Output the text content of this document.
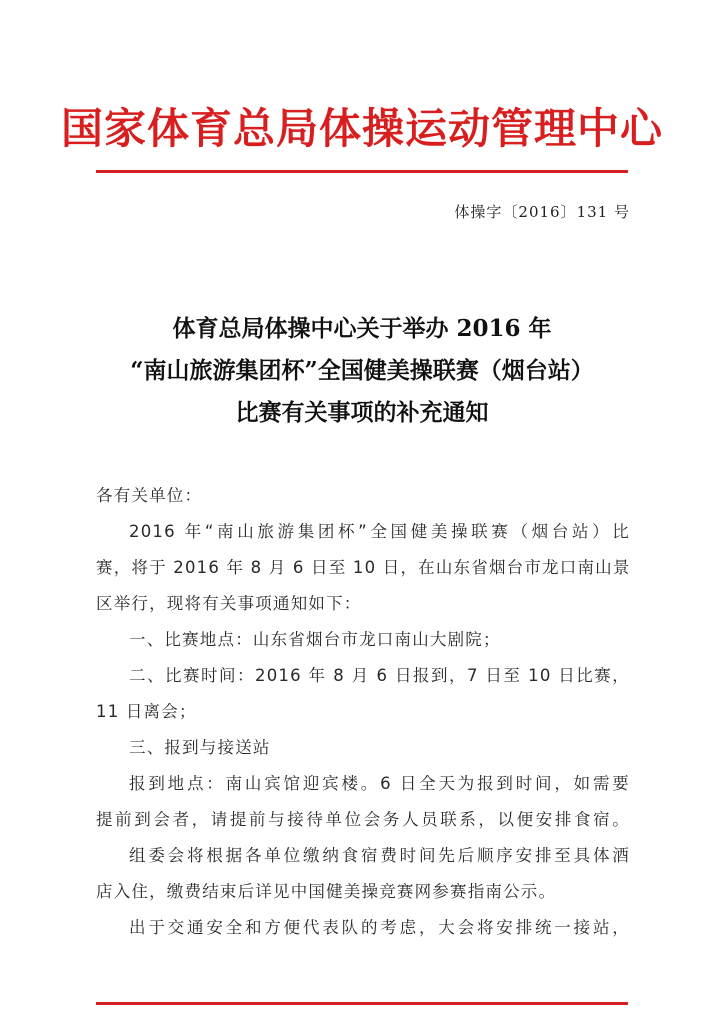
国家体育总局体操运动管理中心
体操字〔2016〕131 号
体育总局体操中心关于举办 2016 年
“南山旅游集团杯”全国健美操联赛（烟台站）
比赛有关事项的补充通知
各有关单位：
2016 年“南山旅游集团杯”全国健美操联赛（烟台站）比
赛，将于 2016 年 8 月 6 日至 10 日，在山东省烟台市龙口南山景
区举行，现将有关事项通知如下：
一、比赛地点：山东省烟台市龙口南山大剧院；
二、比赛时间：2016 年 8 月 6 日报到，7 日至 10 日比赛，
11 日离会；
三、报到与接送站
报到地点：南山宾馆迎宾楼。6 日全天为报到时间，如需要
提前到会者，请提前与接待单位会务人员联系，以便安排食宿。
组委会将根据各单位缴纳食宿费时间先后顺序安排至具体酒
店入住，缴费结束后详见中国健美操竞赛网参赛指南公示。
出于交通安全和方便代表队的考虑，大会将安排统一接站，
